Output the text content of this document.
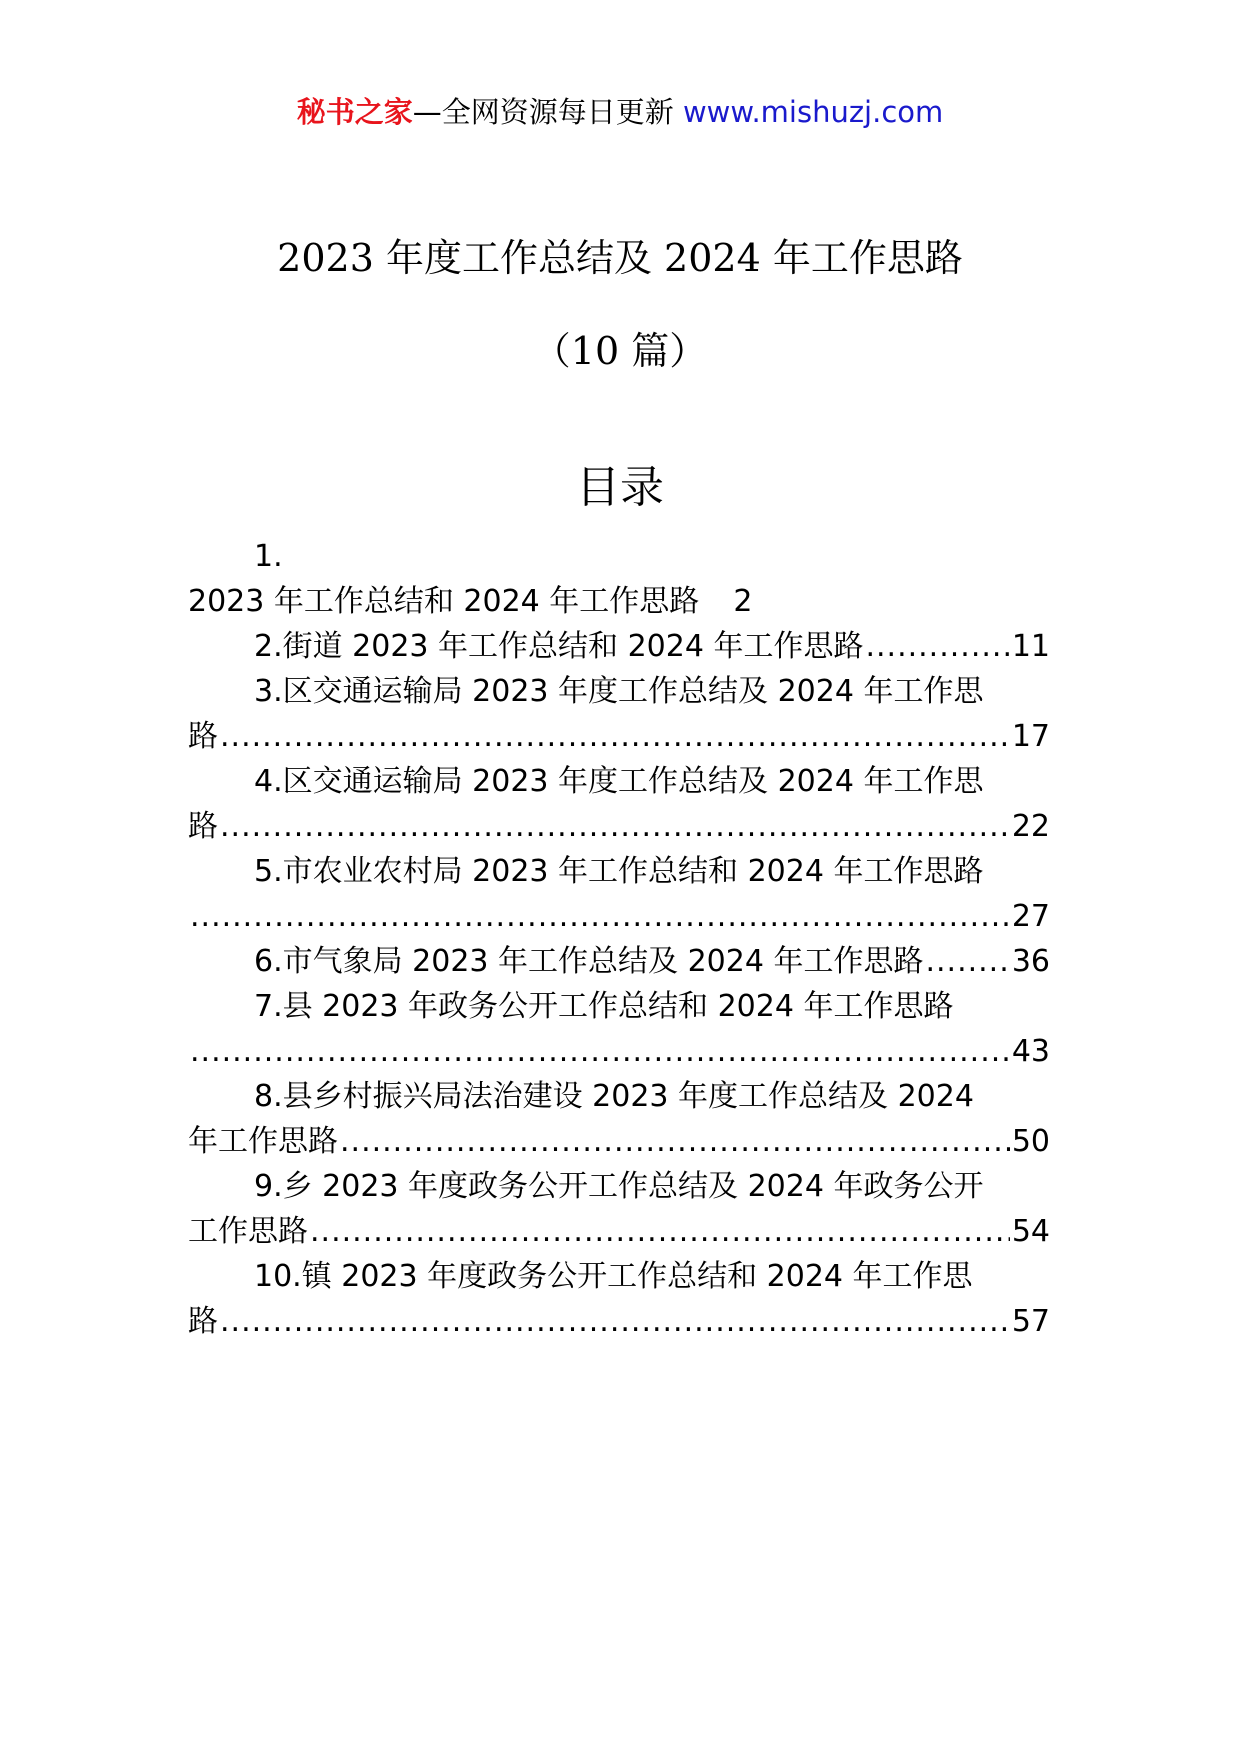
秘书之家—全网资源每日更新 www.mishuzj.com
2023 年度工作总结及 2024 年工作思路
（10 篇）
目录
1.
2023 年工作总结和 2024 年工作思路 2
2.街道 2023 年工作总结和 2024 年工作思路 .....	11
3.区交通运输局 2023 年度工作总结及 2024 年工作思
路 .....	17
4.区交通运输局 2023 年度工作总结及 2024 年工作思
路 .....	22
5.市农业农村局 2023 年工作总结和 2024 年工作思路
.....
27
6.市气象局 2023 年工作总结及 2024 年工作思路 .....	36
7.县 2023 年政务公开工作总结和 2024 年工作思路
.....
43
8.县乡村振兴局法治建设 2023 年度工作总结及 2024
年工作思路 .....	50
9.乡 2023 年度政务公开工作总结及 2024 年政务公开
工作思路 .....	54
10.镇 2023 年度政务公开工作总结和 2024 年工作思
路 .....	57
